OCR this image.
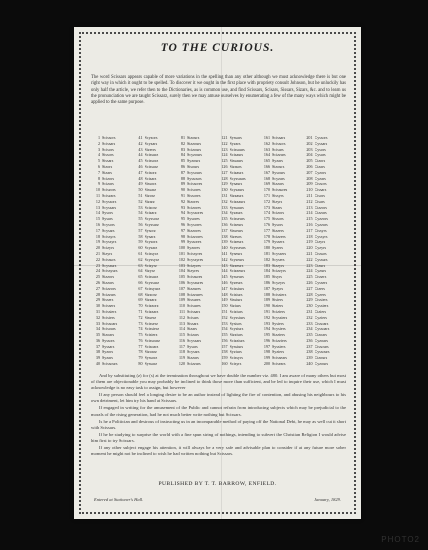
TO THE CURIOUS.
The word Scissars appears capable of more variations in the spelling than any other although we must acknowledge there is but one right way in which it ought to be spelled. To discover it we ought in the first place with propriety consult Johnson, but he unluckily has only half the article, we refer then to the Dictionaries, as is common use, and find Scissars, Scisars, Sissars, Sizars, &c. and to learn us the pronunciation we are taught Scissarz, surely then we may amuse ourselves by enumerating a few of the many ways which might be applied to the same purpose.
1 Scissors
2 Scissars
3 Scisors
4 Sissors
5 Sissars
6 Sizors
7 Sizars
8 Scizors
9 Scizars
10 Sciszors
11 Sciszars
12 Scyssors
13 Scyssars
14 Sysors
15 Sysars
16 Scysors
17 Scysars
18 Scissyrs
19 Scyssyrs
20 Scizyrs
21 Sizyrs
22 Scissurs
23 Scyssurs
24 Scissyurs
25 Sizzors
26 Sizzars
27 Scizzors
28 Scizzars
29 Sissers
30 Scissers
31 Scissiers
32 Scisiers
33 Scissoars
34 Scisoars
35 Sizoars
36 Syssors
37 Syssars
38 Syzors
39 Syzars
40 Scissours
41 Scyzors
42 Scyzars
43 Sizerrs
44 Scissurz
45 Scissorz
46 Scissarz
47 Scisorz
48 Scisarz
49 Sissorz
50 Sissarz
51 Sizorz
52 Sizarz
53 Scizorz
54 Scizarz
55 Scyssorz
56 Scyssarz
57 Sysorz
58 Sysarz
59 Scysorz
60 Scysarz
61 Scissyrz
62 Scyssyrz
63 Scizyrz
64 Sizyrz
65 Scissurz
66 Scyssurz
67 Scissyurz
68 Sizzorz
69 Sizzarz
70 Scizzorz
71 Scizzarz
72 Sisserz
73 Scisserz
74 Scissierz
75 Scisierz
76 Scissoarz
77 Scisoarz
78 Sizoarz
79 Syssorz
80 Syssarz
81 Sizours
82 Sizzours
83 Scizours
84 Scyzours
85 Syzours
86 Sisours
87 Scysours
88 Syssours
89 Scissores
90 Scisores
91 Sissores
92 Sizores
93 Scizores
94 Scyssores
95 Sysores
96 Scysores
97 Sizzores
98 Scizzores
99 Syssores
100 Syzores
101 Scissyres
102 Scyssyres
103 Scizyres
104 Sizyres
105 Scissures
106 Scyssures
107 Sizzures
108 Scizzures
109 Sissures
110 Scisures
111 Scissars
112 Scisars
113 Sissars
114 Sizars
115 Scizars
116 Scyssars
117 Sysars
118 Scysars
119 Sizzars
120 Scizzars
121 Syssars
122 Syzars
123 Scissaurs
124 Scisaurs
125 Sissaurs
126 Sizaurs
127 Scizaurs
128 Scyssaurs
129 Sysaurs
130 Scysaurs
131 Sizzaurs
132 Scizzaurs
133 Syssaurs
134 Syzaurs
135 Scisseurs
136 Sciseurs
137 Sisseurs
138 Sizeurs
139 Scizeurs
140 Scysseurs
141 Syseurs
142 Scyseurs
143 Sizzeurs
144 Scizzeurs
145 Sysseurs
146 Syzeurs
147 Scissiurs
148 Scisiurs
149 Sissiurs
150 Siziurs
151 Sciziurs
152 Scyssiurs
153 Sysiurs
154 Scysiurs
155 Sizziurs
156 Scizziurs
157 Syssiurs
158 Syziurs
159 Scissyrs
160 Scisyrs
161 Scissars
162 Scissors
163 Scisars
164 Scizzars
165 Syzars
166 Sizours
167 Sysours
168 Scyzars
169 Sizzars
170 Scissures
171 Sissyrs
172 Sizyrs
173 Sizars
174 Scizors
175 Sissors
176 Sysors
177 Sizzers
178 Scizzers
179 Syssers
180 Syzers
181 Scyssers
182 Scysers
183 Sizzyrs
184 Scizzyrs
185 Sisyrs
186 Scyzyrs
187 Syzyrs
188 Scissiers
189 Sisiers
190 Siziers
191 Sciziers
192 Scyssiers
193 Sysiers
194 Scysiers
195 Sizziers
196 Scizziers
197 Syssiers
198 Syziers
199 Scissears
200 Scisears
201 Cyssors
202 Cyssars
203 Cysors
204 Cysars
205 Cizors
206 Cizars
207 Cyzors
208 Cyzars
209 Cissors
210 Cissars
211 Cisors
212 Cisars
213 Cizzors
214 Cizzars
215 Cyzzors
216 Cyzzars
217 Cissyrs
218 Cyssyrs
219 Cizyrs
220 Cyzyrs
221 Cissurs
222 Cyssurs
223 Cizurs
224 Cyzurs
225 Cissers
226 Cyssers
227 Cizers
228 Cyzers
229 Cissiers
230 Cyssiers
231 Ciziers
232 Cyziers
233 Cissoars
234 Cyssoars
235 Cizoars
236 Cyzoars
237 Cissours
238 Cyssours
239 Cizours
240 Cyzours

And by substituting (z) for (s) at the termination throughout we have double the number viz. 480. I am aware of many others but most of them are objectionable you may probably be inclined to think those more than sufficient, and be led to inquire their use, which I must acknowledge is no easy task to assign, but however

If any person should feel a longing desire to be an author instead of lighting the fire of contention, and abusing his neighbours to his own detriment, let him try his hand at Scissars.

If engaged in writing for the amusement of the Public and cannot refrain from introducing subjects which may be prejudicial to the morals of the rising generation, had he not much better write nothing but Scissars.

Is he a Politician and desirous of instructing us in an incomparable method of paying off the National Debt, he may as well cut it short with Scissars.

If he be studying to surprise the world with a fine spun string of nothings, intending to subvert the Christian Religion I would advise him first to try Scissars.

If any other subject engage his attention, it will always be a very safe and advisable plan to consider if at any future more sober moment he might not be inclined to wish he had written nothing but Scissars.

PUBLISHED BY T. T. BARROW, ENFIELD.
Entered at Stationer's Hall.	January, 1829.
PHOTO2
